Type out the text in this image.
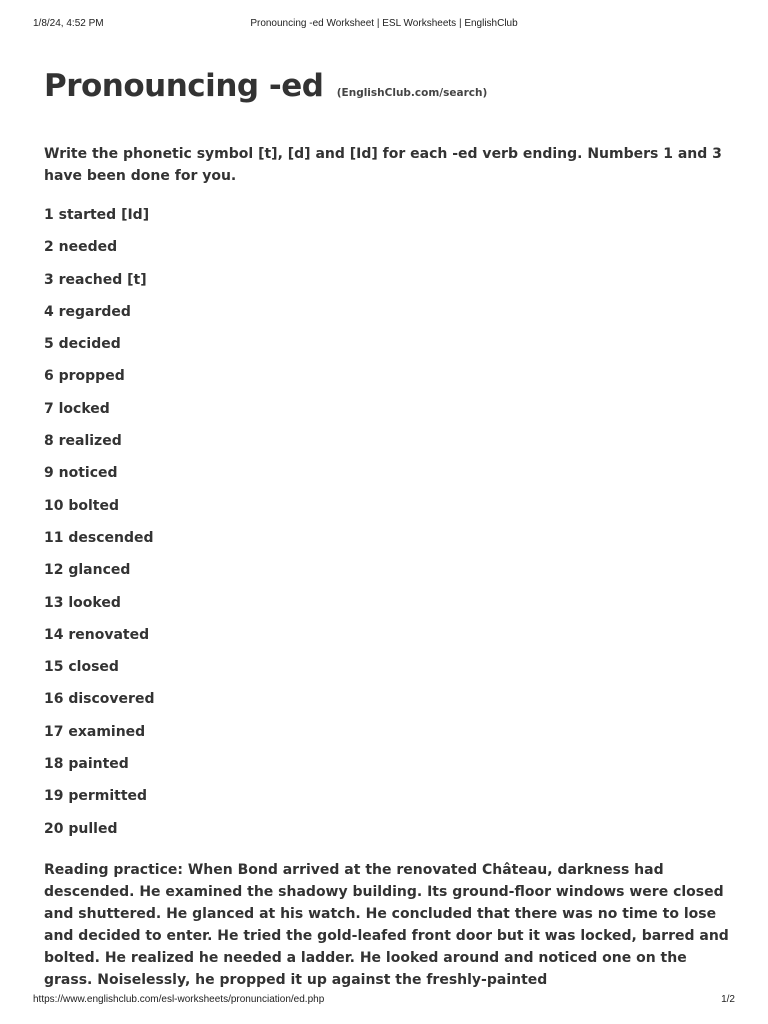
1/8/24, 4:52 PM	Pronouncing -ed Worksheet | ESL Worksheets | EnglishClub
Pronouncing -ed (EnglishClub.com/search)

Write the phonetic symbol [t], [d] and [Id] for each -ed verb ending. Numbers 1 and 3 have been done for you.

1 started [Id]
2 needed
3 reached [t]
4 regarded
5 decided
6 propped
7 locked
8 realized
9 noticed
10 bolted
11 descended
12 glanced
13 looked
14 renovated
15 closed
16 discovered
17 examined
18 painted
19 permitted
20 pulled

Reading practice: When Bond arrived at the renovated Château, darkness had descended. He examined the shadowy building. Its ground-floor windows were closed and shuttered. He glanced at his watch. He concluded that there was no time to lose and decided to enter. He tried the gold-leafed front door but it was locked, barred and bolted. He realized he needed a ladder. He looked around and noticed one on the grass. Noiselessly, he propped it up against the freshly-painted

https://www.englishclub.com/esl-worksheets/pronunciation/ed.php	1/2
